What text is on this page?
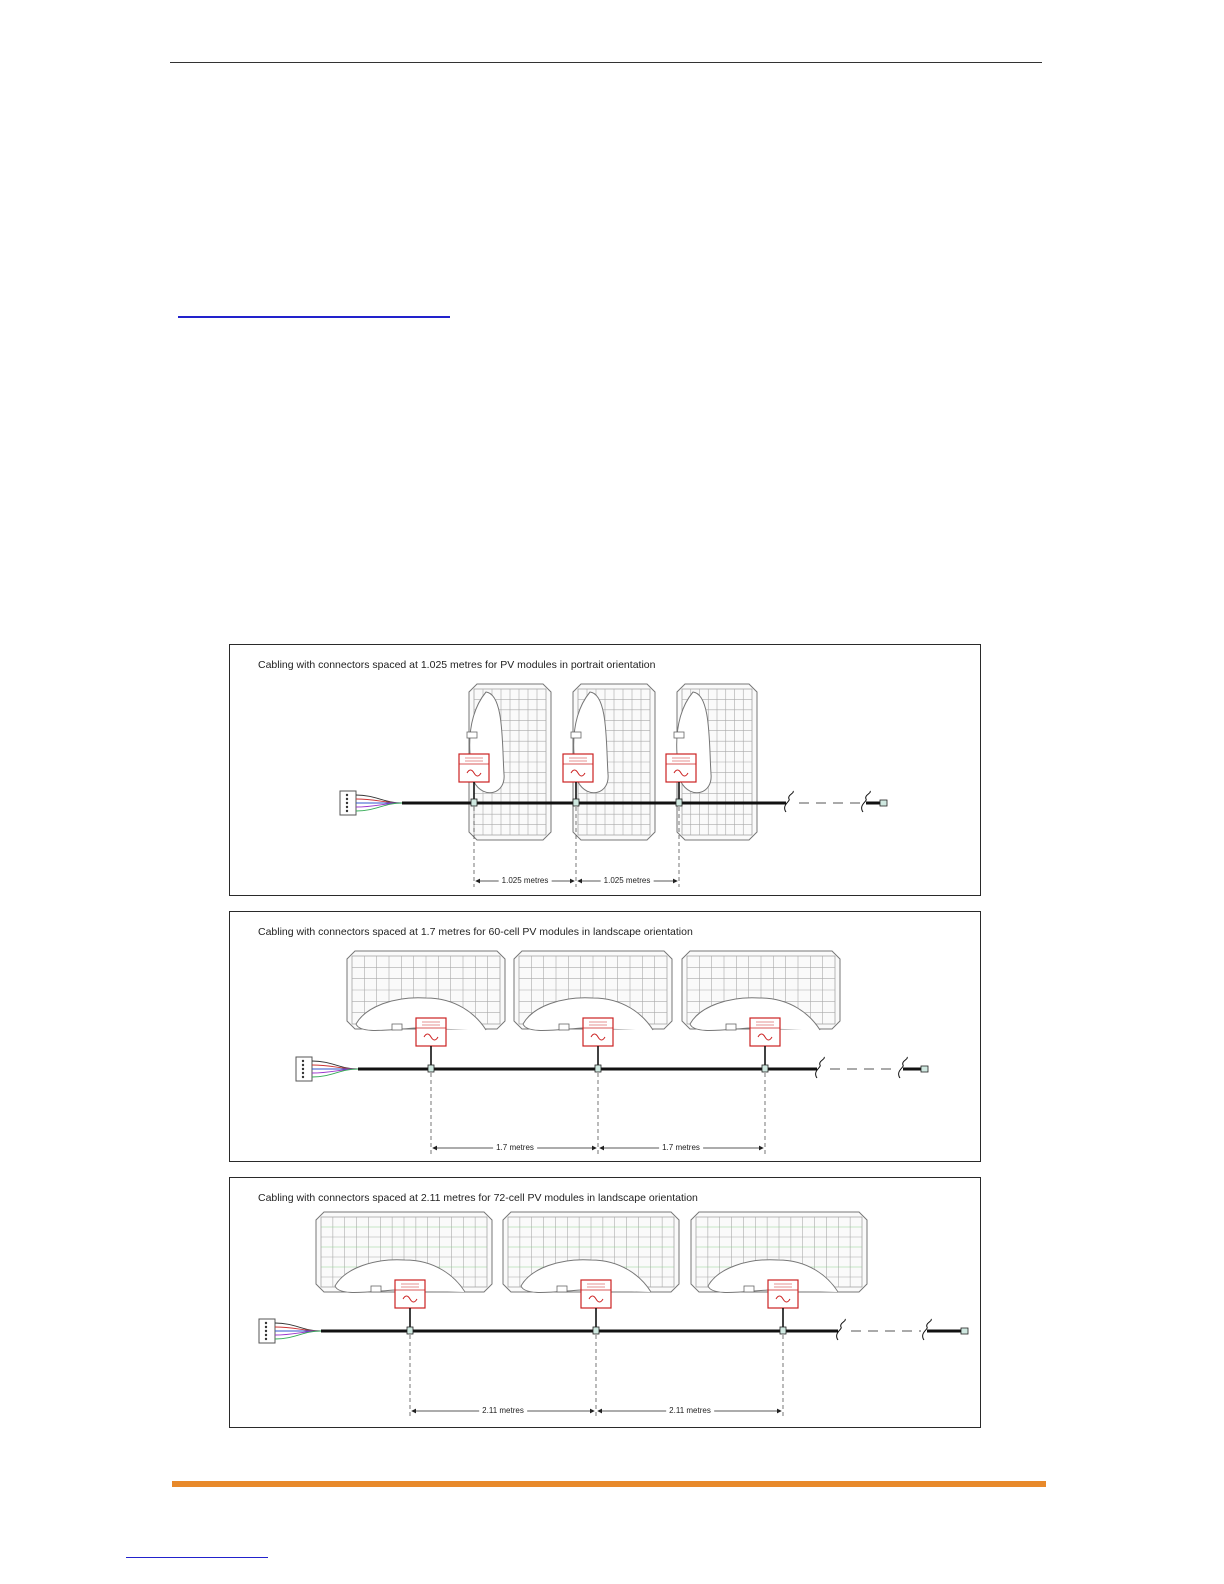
Cabling with connectors spaced at 1.025 metres for PV modules in portrait orientation
1.025 metres	1.025 metres
Cabling with connectors spaced at 1.7 metres for 60-cell PV modules in landscape orientation
1.7 metres	1.7 metres
Cabling with connectors spaced at 2.11 metres for 72-cell PV modules in landscape orientation
2.11 metres	2.11 metres
